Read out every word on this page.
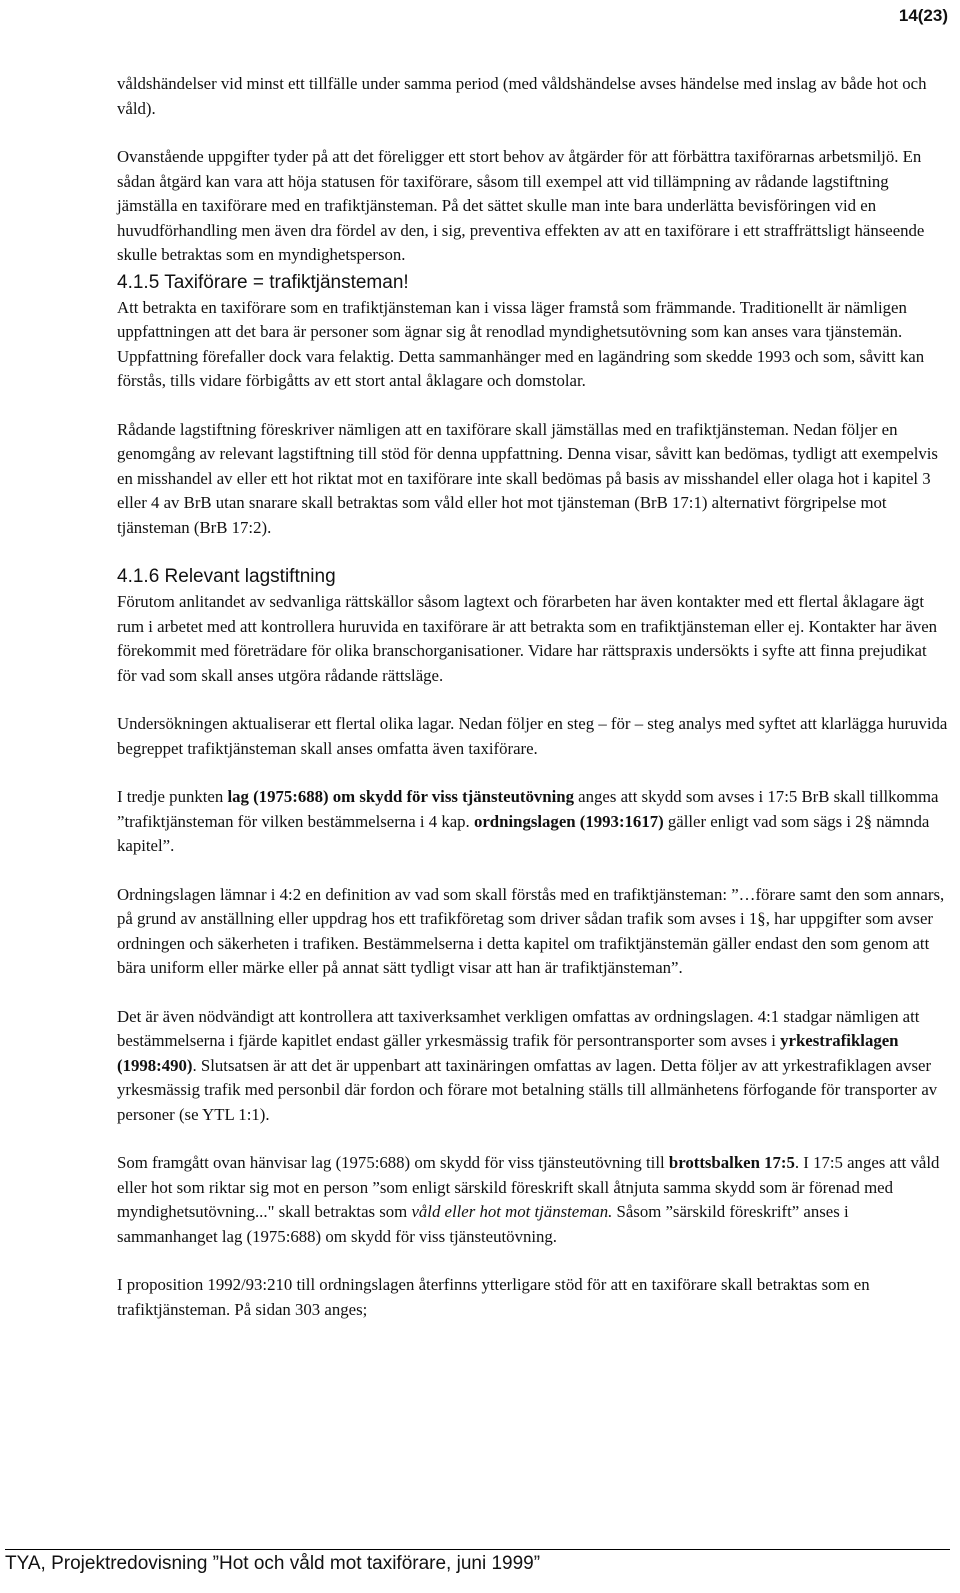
14(23)

våldshändelser vid minst ett tillfälle under samma period (med våldshändelse avses händelse med inslag av både hot och våld).

Ovanstående uppgifter tyder på att det föreligger ett stort behov av åtgärder för att förbättra taxiförarnas arbetsmiljö. En sådan åtgärd kan vara att höja statusen för taxiförare, såsom till exempel att vid tillämpning av rådande lagstiftning jämställa en taxiförare med en trafiktjänsteman. På det sättet skulle man inte bara underlätta bevisföringen vid en huvudförhandling men även dra fördel av den, i sig, preventiva effekten av att en taxiförare i ett straffrättsligt hänseende skulle betraktas som en myndighetsperson.

4.1.5 Taxiförare = trafiktjänsteman!

Att betrakta en taxiförare som en trafiktjänsteman kan i vissa läger framstå som främmande. Traditionellt är nämligen uppfattningen att det bara är personer som ägnar sig åt renodlad myndighetsutövning som kan anses vara tjänstemän. Uppfattning förefaller dock vara felaktig. Detta sammanhänger med en lagändring som skedde 1993 och som, såvitt kan förstås, tills vidare förbigåtts av ett stort antal åklagare och domstolar.

Rådande lagstiftning föreskriver nämligen att en taxiförare skall jämställas med en trafiktjänsteman. Nedan följer en genomgång av relevant lagstiftning till stöd för denna uppfattning. Denna visar, såvitt kan bedömas, tydligt att exempelvis en misshandel av eller ett hot riktat mot en taxiförare inte skall bedömas på basis av misshandel eller olaga hot i kapitel 3 eller 4 av BrB utan snarare skall betraktas som våld eller hot mot tjänsteman (BrB 17:1) alternativt förgripelse mot tjänsteman (BrB 17:2).

4.1.6 Relevant lagstiftning

Förutom anlitandet av sedvanliga rättskällor såsom lagtext och förarbeten har även kontakter med ett flertal åklagare ägt rum i arbetet med att kontrollera huruvida en taxiförare är att betrakta som en trafiktjänsteman eller ej. Kontakter har även förekommit med företrädare för olika branschorganisationer. Vidare har rättspraxis undersökts i syfte att finna prejudikat för vad som skall anses utgöra rådande rättsläge.

Undersökningen aktualiserar ett flertal olika lagar. Nedan följer en steg – för – steg analys med syftet att klarlägga huruvida begreppet trafiktjänsteman skall anses omfatta även taxiförare.

I tredje punkten lag (1975:688) om skydd för viss tjänsteutövning anges att skydd som avses i 17:5 BrB skall tillkomma ”trafiktjänsteman för vilken bestämmelserna i 4 kap. ordningslagen (1993:1617) gäller enligt vad som sägs i 2§ nämnda kapitel”.

Ordningslagen lämnar i 4:2 en definition av vad som skall förstås med en trafiktjänsteman: ”…förare samt den som annars, på grund av anställning eller uppdrag hos ett trafikföretag som driver sådan trafik som avses i 1§, har uppgifter som avser ordningen och säkerheten i trafiken. Bestämmelserna i detta kapitel om trafiktjänstemän gäller endast den som genom att bära uniform eller märke eller på annat sätt tydligt visar att han är trafiktjänsteman”.

Det är även nödvändigt att kontrollera att taxiverksamhet verkligen omfattas av ordningslagen. 4:1 stadgar nämligen att bestämmelserna i fjärde kapitlet endast gäller yrkesmässig trafik för persontransporter som avses i yrkestrafiklagen (1998:490). Slutsatsen är att det är uppenbart att taxinäringen omfattas av lagen. Detta följer av att yrkestrafiklagen avser yrkesmässig trafik med personbil där fordon och förare mot betalning ställs till allmänhetens förfogande för transporter av personer (se YTL 1:1).

Som framgått ovan hänvisar lag (1975:688) om skydd för viss tjänsteutövning till brottsbalken 17:5. I 17:5 anges att våld eller hot som riktar sig mot en person ”som enligt särskild föreskrift skall åtnjuta samma skydd som är förenad med myndighetsutövning..." skall betraktas som våld eller hot mot tjänsteman. Såsom ”särskild föreskrift” anses i sammanhanget lag (1975:688) om skydd för viss tjänsteutövning.

I proposition 1992/93:210 till ordningslagen återfinns ytterligare stöd för att en taxiförare skall betraktas som en trafiktjänsteman. På sidan 303 anges;

TYA, Projektredovisning ”Hot och våld mot taxiförare, juni 1999”
